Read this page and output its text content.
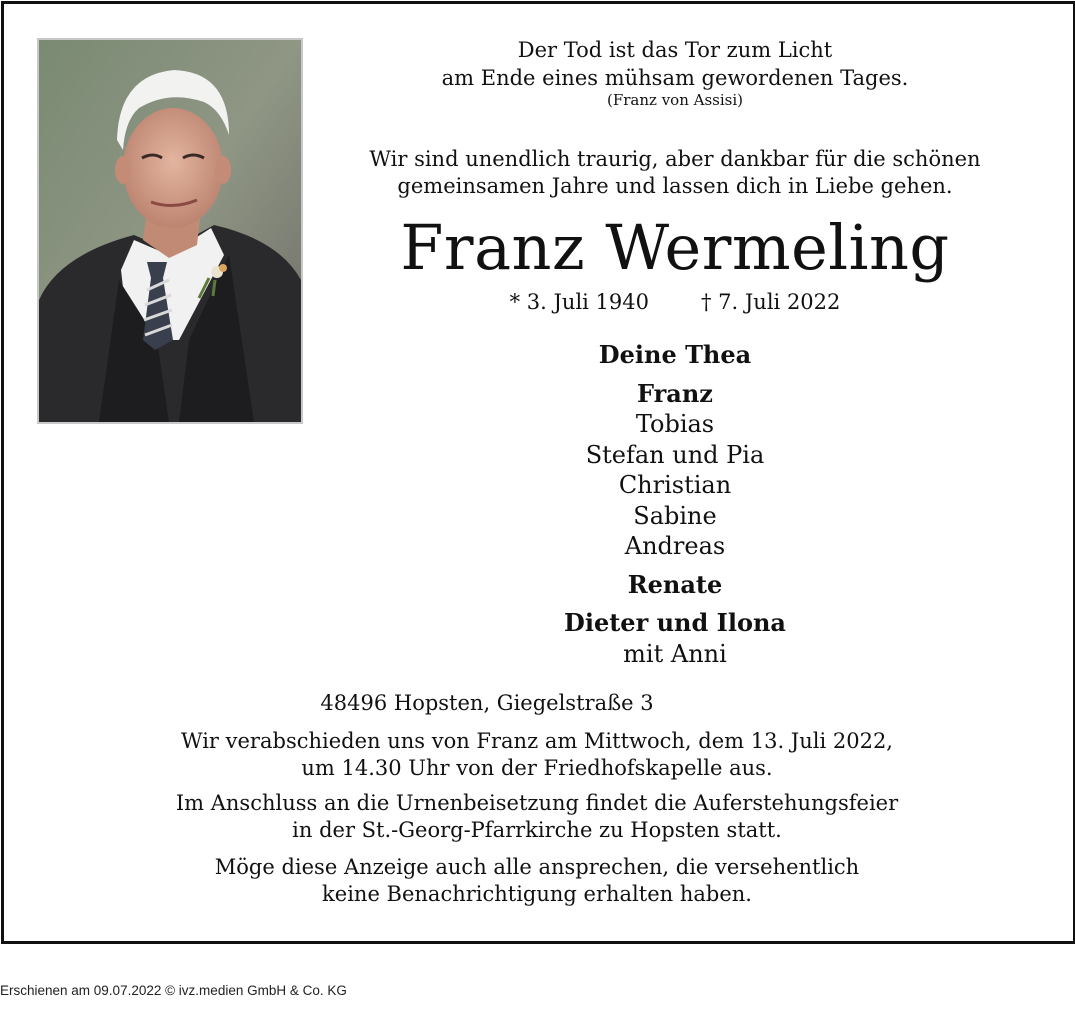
Der Tod ist das Tor zum Licht
am Ende eines mühsam gewordenen Tages.
(Franz von Assisi)
Wir sind unendlich traurig, aber dankbar für die schönen
gemeinsamen Jahre und lassen dich in Liebe gehen.
Franz Wermeling
* 3. Juli 1940 † 7. Juli 2022
Deine Thea
Franz
Tobias
Stefan und Pia
Christian
Sabine
Andreas
Renate
Dieter und Ilona
mit Anni
48496 Hopsten, Giegelstraße 3
Wir verabschieden uns von Franz am Mittwoch, dem 13. Juli 2022,
um 14.30 Uhr von der Friedhofskapelle aus.
Im Anschluss an die Urnenbeisetzung findet die Auferstehungsfeier
in der St.-Georg-Pfarrkirche zu Hopsten statt.
Möge diese Anzeige auch alle ansprechen, die versehentlich
keine Benachrichtigung erhalten haben.
Erschienen am 09.07.2022 © ivz.medien GmbH & Co. KG
